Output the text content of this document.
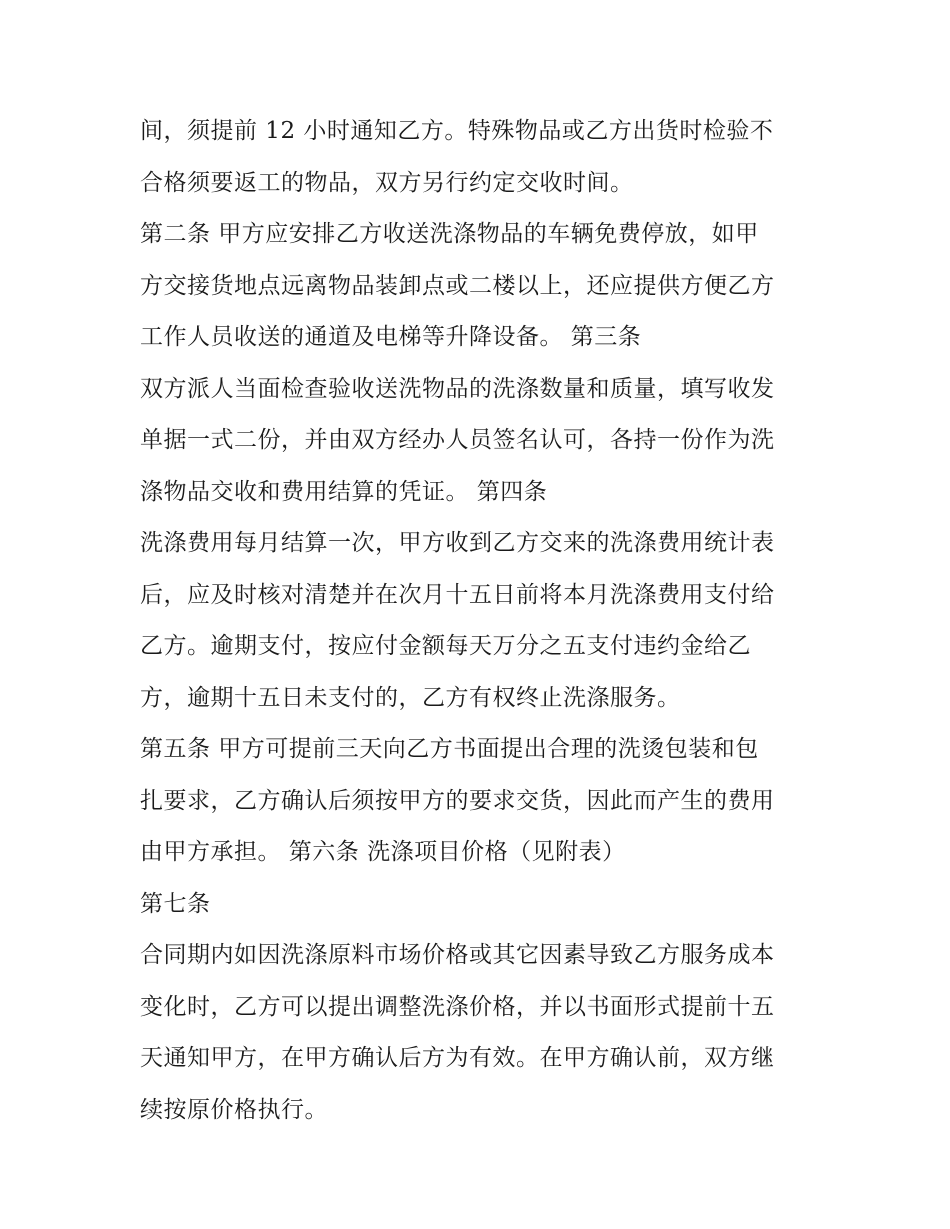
间，须提前 12 小时通知乙方。特殊物品或乙方出货时检验不
合格须要返工的物品，双方另行约定交收时间。
第二条 甲方应安排乙方收送洗涤物品的车辆免费停放，如甲
方交接货地点远离物品装卸点或二楼以上，还应提供方便乙方
工作人员收送的通道及电梯等升降设备。 第三条
双方派人当面检查验收送洗物品的洗涤数量和质量，填写收发
单据一式二份，并由双方经办人员签名认可，各持一份作为洗
涤物品交收和费用结算的凭证。 第四条
洗涤费用每月结算一次，甲方收到乙方交来的洗涤费用统计表
后，应及时核对清楚并在次月十五日前将本月洗涤费用支付给
乙方。逾期支付，按应付金额每天万分之五支付违约金给乙
方，逾期十五日未支付的，乙方有权终止洗涤服务。
第五条 甲方可提前三天向乙方书面提出合理的洗烫包装和包
扎要求，乙方确认后须按甲方的要求交货，因此而产生的费用
由甲方承担。 第六条 洗涤项目价格（见附表）
第七条
合同期内如因洗涤原料市场价格或其它因素导致乙方服务成本
变化时，乙方可以提出调整洗涤价格，并以书面形式提前十五
天通知甲方，在甲方确认后方为有效。在甲方确认前，双方继
续按原价格执行。
